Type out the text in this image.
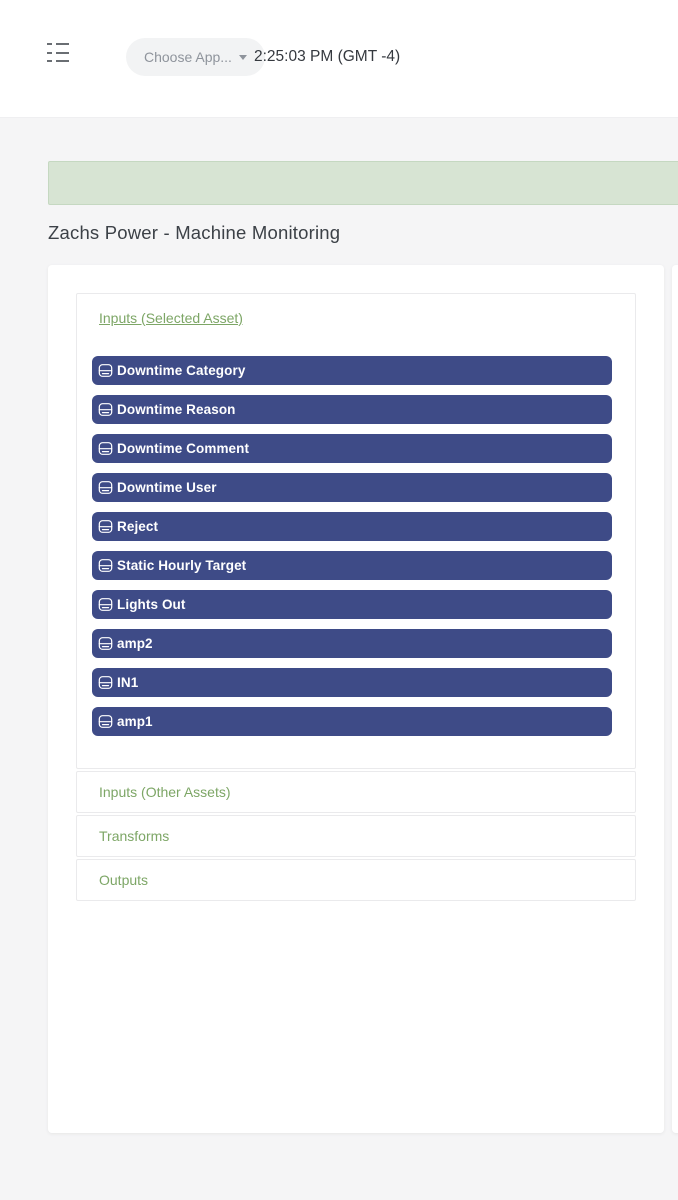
Choose App... 2:25:03 PM (GMT -4)
Zachs Power - Machine Monitoring
Inputs (Selected Asset)
Downtime Category
Downtime Reason
Downtime Comment
Downtime User
Reject
Static Hourly Target
Lights Out
amp2
IN1
amp1
Inputs (Other Assets)
Transforms
Outputs
